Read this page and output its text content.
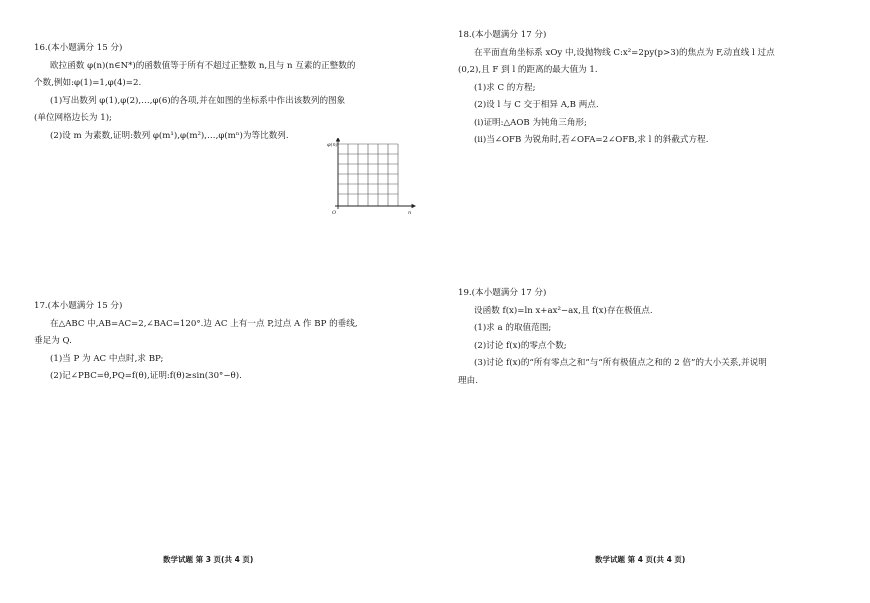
16.(本小题满分 15 分)

欧拉函数 φ(n)(n∈N*)的函数值等于所有不超过正整数 n,且与 n 互素的正整数的

个数,例如:φ(1)=1,φ(4)=2.

(1)写出数列 φ(1),φ(2),…,φ(6)的各项,并在如图的坐标系中作出该数列的图象

(单位网格边长为 1);

(2)设 m 为素数,证明:数列 φ(m¹),φ(m²),…,φ(mⁿ)为等比数列.

φ(n)
n
O

17.(本小题满分 15 分)

在△ABC 中,AB=AC=2,∠BAC=120°.边 AC 上有一点 P,过点 A 作 BP 的垂线,

垂足为 Q.

(1)当 P 为 AC 中点时,求 BP;

(2)记∠PBC=θ,PQ=f(θ),证明:f(θ)≥sin(30°−θ).

18.(本小题满分 17 分)

在平面直角坐标系 xOy 中,设抛物线 C:x²=2py(p>3)的焦点为 F,动直线 l 过点

(0,2),且 F 到 l 的距离的最大值为 1.

(1)求 C 的方程;

(2)设 l 与 C 交于相异 A,B 两点.

(ⅰ)证明:△AOB 为钝角三角形;

(ⅱ)当∠OFB 为锐角时,若∠OFA=2∠OFB,求 l 的斜截式方程.

19.(本小题满分 17 分)

设函数 f(x)=ln x+ax²−ax,且 f(x)存在极值点.

(1)求 a 的取值范围;

(2)讨论 f(x)的零点个数;

(3)讨论 f(x)的“所有零点之和”与“所有极值点之和的 2 倍”的大小关系,并说明

理由.

数学试题 第 3 页(共 4 页)	数学试题 第 4 页(共 4 页)
